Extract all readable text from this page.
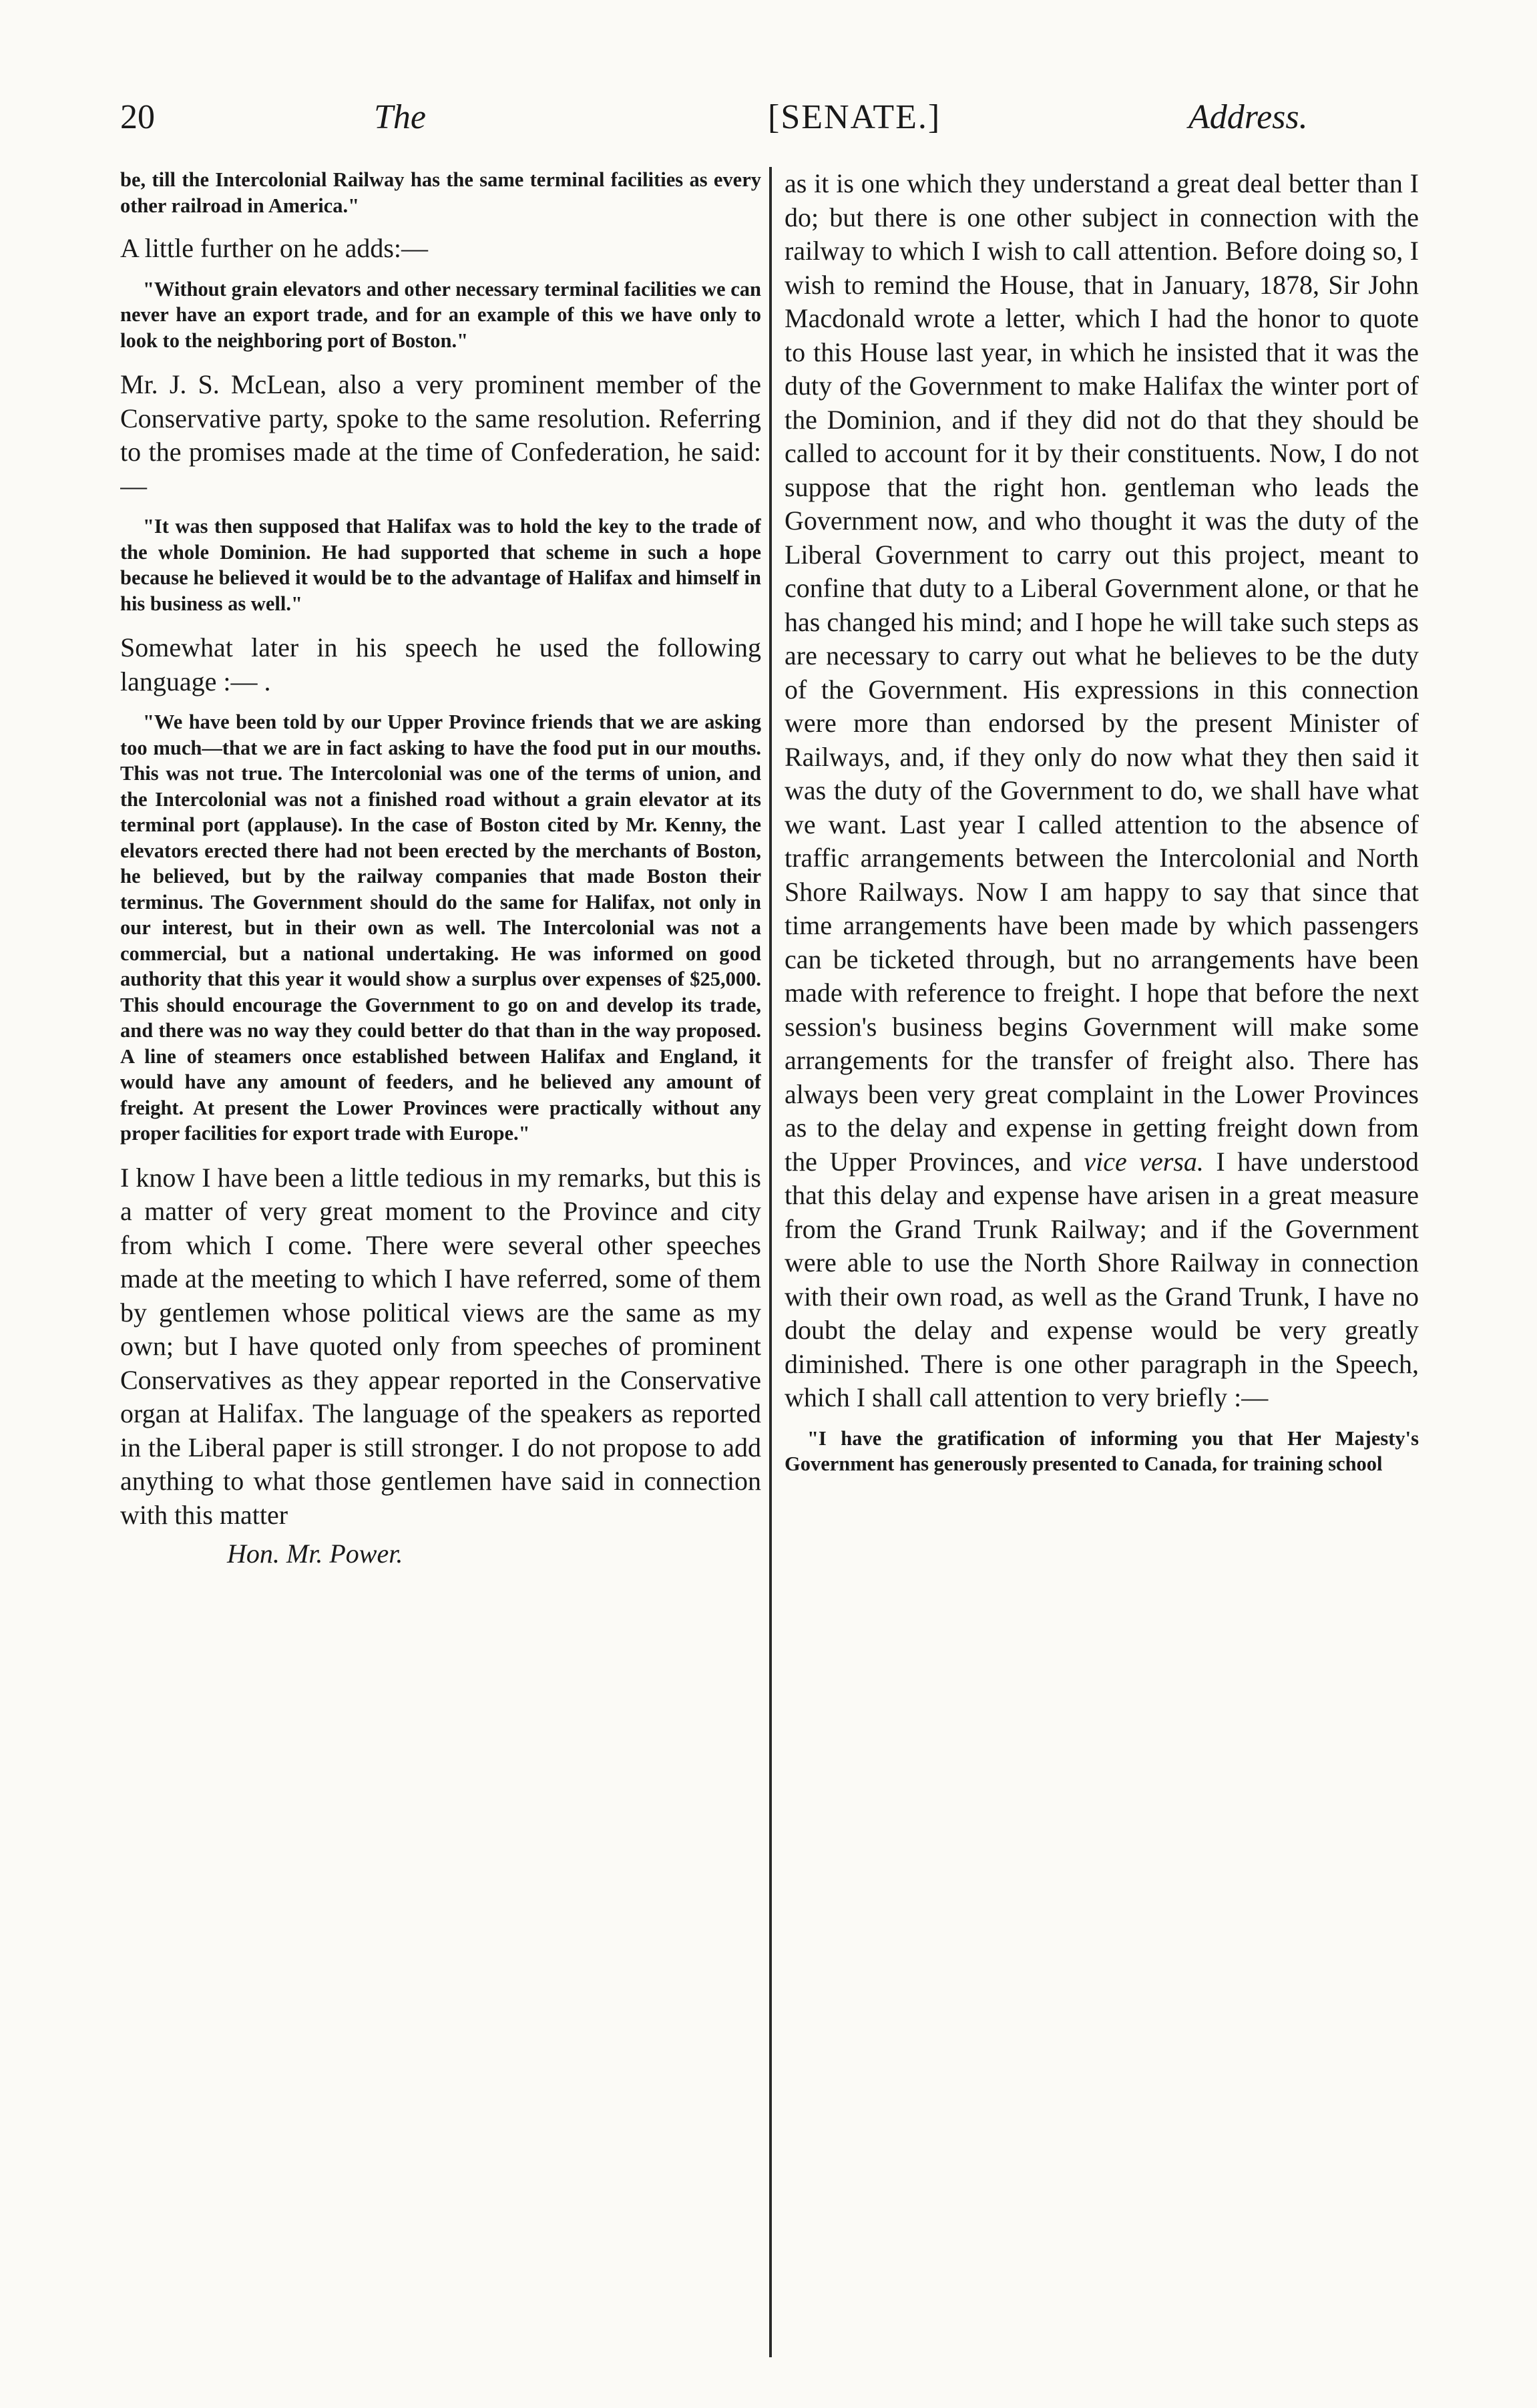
20	The	[SENATE.]	Address.

be, till the Intercolonial Railway has the same terminal facilities as every other railroad in America."

A little further on he adds:—

"Without grain elevators and other necessary terminal facilities we can never have an export trade, and for an example of this we have only to look to the neighboring port of Boston."

Mr. J. S. McLean, also a very prominent member of the Conservative party, spoke to the same resolution. Referring to the promises made at the time of Confederation, he said:—

"It was then supposed that Halifax was to hold the key to the trade of the whole Dominion. He had supported that scheme in such a hope because he believed it would be to the advantage of Halifax and himself in his business as well."

Somewhat later in his speech he used the following language :— .

"We have been told by our Upper Province friends that we are asking too much—that we are in fact asking to have the food put in our mouths. This was not true. The Intercolonial was one of the terms of union, and the Intercolonial was not a finished road without a grain elevator at its terminal port (applause). In the case of Boston cited by Mr. Kenny, the elevators erected there had not been erected by the merchants of Boston, he believed, but by the railway companies that made Boston their terminus. The Government should do the same for Halifax, not only in our interest, but in their own as well. The Intercolonial was not a commercial, but a national undertaking. He was informed on good authority that this year it would show a surplus over expenses of $25,000. This should encourage the Government to go on and develop its trade, and there was no way they could better do that than in the way proposed. A line of steamers once established between Halifax and England, it would have any amount of feeders, and he believed any amount of freight. At present the Lower Provinces were practically without any proper facilities for export trade with Europe."

I know I have been a little tedious in my remarks, but this is a matter of very great moment to the Province and city from which I come. There were several other speeches made at the meeting to which I have referred, some of them by gentlemen whose political views are the same as my own; but I have quoted only from speeches of prominent Conservatives as they appear reported in the Conservative organ at Halifax. The language of the speakers as reported in the Liberal paper is still stronger. I do not propose to add anything to what those gentlemen have said in connection with this matter

Hon. Mr. Power.

as it is one which they understand a great deal better than I do; but there is one other subject in connection with the railway to which I wish to call attention. Before doing so, I wish to remind the House, that in January, 1878, Sir John Macdonald wrote a letter, which I had the honor to quote to this House last year, in which he insisted that it was the duty of the Government to make Halifax the winter port of the Dominion, and if they did not do that they should be called to account for it by their constituents. Now, I do not suppose that the right hon. gentleman who leads the Government now, and who thought it was the duty of the Liberal Government to carry out this project, meant to confine that duty to a Liberal Government alone, or that he has changed his mind; and I hope he will take such steps as are necessary to carry out what he believes to be the duty of the Government. His expressions in this connection were more than endorsed by the present Minister of Railways, and, if they only do now what they then said it was the duty of the Government to do, we shall have what we want. Last year I called attention to the absence of traffic arrangements between the Intercolonial and North Shore Railways. Now I am happy to say that since that time arrangements have been made by which passengers can be ticketed through, but no arrangements have been made with reference to freight. I hope that before the next session's business begins Government will make some arrangements for the transfer of freight also. There has always been very great complaint in the Lower Provinces as to the delay and expense in getting freight down from the Upper Provinces, and vice versa. I have understood that this delay and expense have arisen in a great measure from the Grand Trunk Railway; and if the Government were able to use the North Shore Railway in connection with their own road, as well as the Grand Trunk, I have no doubt the delay and expense would be very greatly diminished. There is one other paragraph in the Speech, which I shall call attention to very briefly :—

"I have the gratification of informing you that Her Majesty's Government has generously presented to Canada, for training school
